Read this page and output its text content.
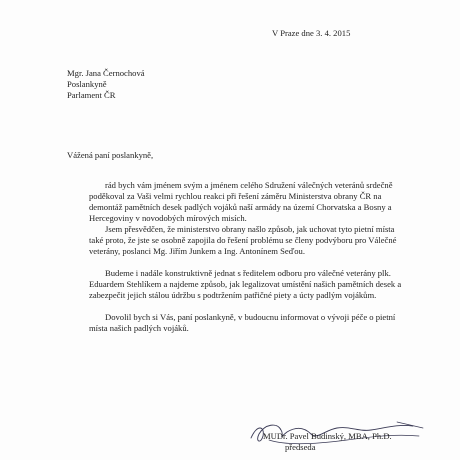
V Praze dne 3. 4. 2015
Mgr. Jana Černochová
Poslankyně
Parlament ČR
Vážená paní poslankyně,
rád bych vám jménem svým a jménem celého Sdružení válečných veteránů srdečně
poděkoval za Vaši velmi rychlou reakci při řešení záměru Ministerstva obrany ČR na
demontáž pamětních desek padlých vojáků naší armády na území Chorvatska a Bosny a
Hercegoviny v novodobých mírových misích.
Jsem přesvědčen, že ministerstvo obrany našlo způsob, jak uchovat tyto pietní místa
také proto, že jste se osobně zapojila do řešení problému se členy podvýboru pro Válečné
veterány, poslanci Mg. Jiřím Junkem a Ing. Antonínem Seďou.
Budeme i nadále konstruktivně jednat s ředitelem odboru pro válečné veterány plk.
Eduardem Stehlíkem a najdeme způsob, jak legalizovat umístění našich pamětních desek a
zabezpečit jejich stálou údržbu s podtržením patřičné piety a úcty padlým vojákům.
Dovolil bych si Vás, paní poslankyně, v budoucnu informovat o vývoji péče o pietní
místa našich padlých vojáků.
MUDr. Pavel Budinský, MBA, Ph.D.
předseda
